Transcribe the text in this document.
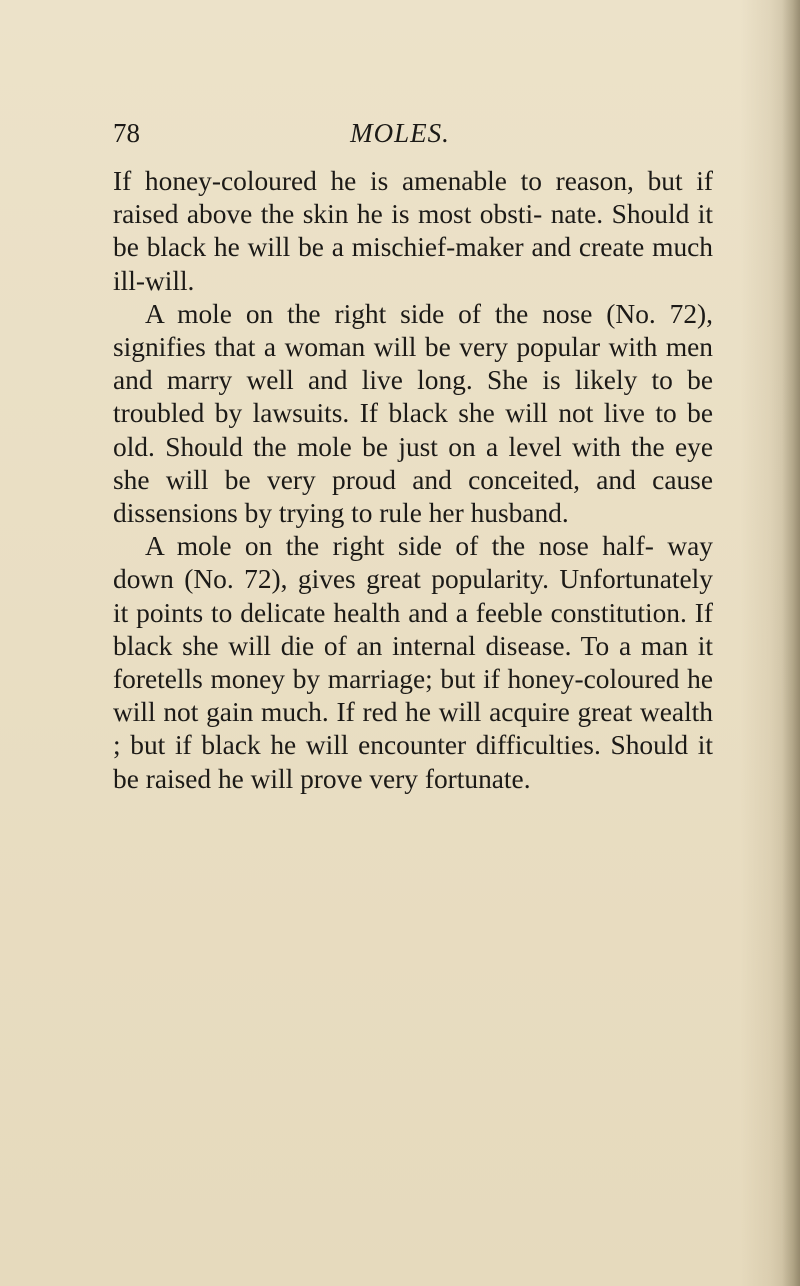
78	MOLES.

If honey-coloured he is amenable to reason, but if raised above the skin he is most obsti- nate. Should it be black he will be a mischief-maker and create much ill-will.

A mole on the right side of the nose (No. 72), signifies that a woman will be very popular with men and marry well and live long. She is likely to be troubled by lawsuits. If black she will not live to be old. Should the mole be just on a level with the eye she will be very proud and conceited, and cause dissensions by trying to rule her husband.

A mole on the right side of the nose half- way down (No. 72), gives great popularity. Unfortunately it points to delicate health and a feeble constitution. If black she will die of an internal disease. To a man it foretells money by marriage; but if honey-coloured he will not gain much. If red he will acquire great wealth ; but if black he will encounter difficulties. Should it be raised he will prove very fortunate.
